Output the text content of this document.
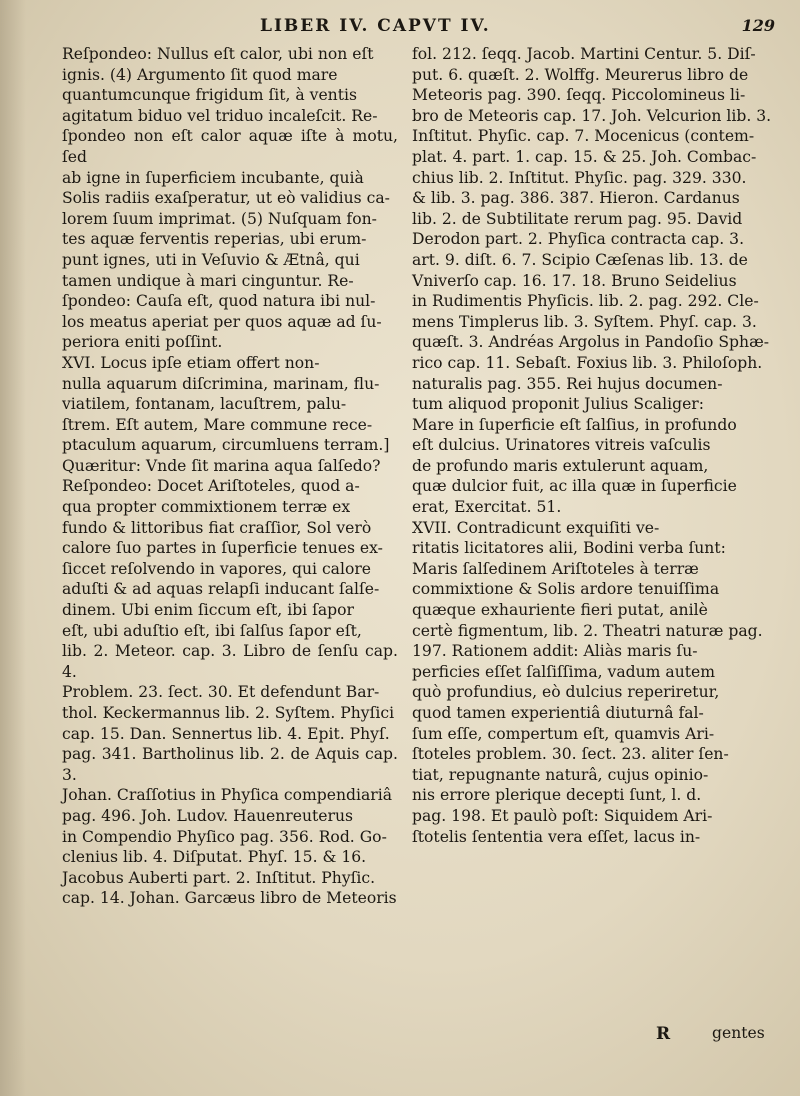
LIBER IV. CAPVT IV.	129

Reſpondeo: Nullus eſt calor, ubi non eſt
ignis. (4) Argumento ſit quod mare
quantumcunque frigidum ſit, à ventis
agitatum biduo vel triduo incaleſcit. Re-
ſpondeo non eſt calor aquæ iſte à motu, ſed
ab igne in ſuperficiem incubante, quià
Solis radiis exaſperatur, ut eò validius ca-
lorem ſuum imprimat. (5) Nuſquam fon-
tes aquæ ferventis reperias, ubi erum-
punt ignes, uti in Veſuvio & Ætnâ, qui
tamen undique à mari cinguntur. Re-
ſpondeo: Cauſa eſt, quod natura ibi nul-
los meatus aperiat per quos aquæ ad ſu-
periora eniti poſſint.
XVI. Locus ipſe etiam offert non-
nulla aquarum diſcrimina, marinam, flu-
viatilem, fontanam, lacuſtrem, palu-
ſtrem. Eſt autem, Mare commune rece-
ptaculum aquarum, circumluens terram.]
Quæritur: Vnde ſit marina aqua ſalſedo?
Reſpondeo: Docet Ariſtoteles, quod a-
qua propter commixtionem terræ ex
fundo & littoribus fiat craſſior, Sol verò
calore ſuo partes in ſuperficie tenues ex-
ſiccet reſolvendo in vapores, qui calore
aduſti & ad aquas relapſi inducant ſalſe-
dinem. Ubi enim ſiccum eſt, ibi ſapor
eſt, ubi aduſtio eſt, ibi ſalſus ſapor eſt,
lib. 2. Meteor. cap. 3. Libro de ſenſu cap. 4.
Problem. 23. ſect. 30. Et defendunt Bar-
thol. Keckermannus lib. 2. Syſtem. Phyſici
cap. 15. Dan. Sennertus lib. 4. Epit. Phyſ.
pag. 341. Bartholinus lib. 2. de Aquis cap. 3.
Johan. Craſſotius in Phyſica compendiariâ
pag. 496. Joh. Ludov. Hauenreuterus
in Compendio Phyſico pag. 356. Rod. Go-
clenius lib. 4. Diſputat. Phyſ. 15. & 16.
Jacobus Auberti part. 2. Inſtitut. Phyſic.
cap. 14. Johan. Garcæus libro de Meteoris

fol. 212. ſeqq. Jacob. Martini Centur. 5. Diſ-
put. 6. quæſt. 2. Wolffg. Meurerus libro de
Meteoris pag. 390. ſeqq. Piccolomineus li-
bro de Meteoris cap. 17. Joh. Velcurion lib. 3.
Inſtitut. Phyſic. cap. 7. Mocenicus (contem-
plat. 4. part. 1. cap. 15. & 25. Joh. Combac-
chius lib. 2. Inſtitut. Phyſic. pag. 329. 330.
& lib. 3. pag. 386. 387. Hieron. Cardanus
lib. 2. de Subtilitate rerum pag. 95. David
Derodon part. 2. Phyſica contracta cap. 3.
art. 9. diſt. 6. 7. Scipio Cæſenas lib. 13. de
Vniverſo cap. 16. 17. 18. Bruno Seidelius
in Rudimentis Phyſicis. lib. 2. pag. 292. Cle-
mens Timplerus lib. 3. Syſtem. Phyſ. cap. 3.
quæſt. 3. Andréas Argolus in Pandoſio Sphæ-
rico cap. 11. Sebaſt. Foxius lib. 3. Philoſoph.
naturalis pag. 355. Rei hujus documen-
tum aliquod proponit Julius Scaliger:
Mare in ſuperficie eſt ſalſius, in profundo
eſt dulcius. Urinatores vitreis vaſculis
de profundo maris extulerunt aquam,
quæ dulcior fuit, ac illa quæ in ſuperficie
erat, Exercitat. 51.
XVII. Contradicunt exquiſiti ve-
ritatis licitatores alii, Bodini verba ſunt:
Maris ſalſedinem Ariſtoteles à terræ
commixtione & Solis ardore tenuiſſima
quæque exhauriente fieri putat, anilè
certè figmentum, lib. 2. Theatri naturæ pag.
197. Rationem addit: Aliàs maris ſu-
perficies eſſet ſalſiſſima, vadum autem
quò profundius, eò dulcius reperiretur,
quod tamen experientiâ diuturnâ fal-
ſum eſſe, compertum eſt, quamvis Ari-
ſtoteles problem. 30. ſect. 23. aliter ſen-
tiat, repugnante naturâ, cujus opinio-
nis errore plerique decepti ſunt, l. d.
pag. 198. Et paulò poſt: Siquidem Ari-
ſtotelis ſententia vera eſſet, lacus in-

R	gentes
